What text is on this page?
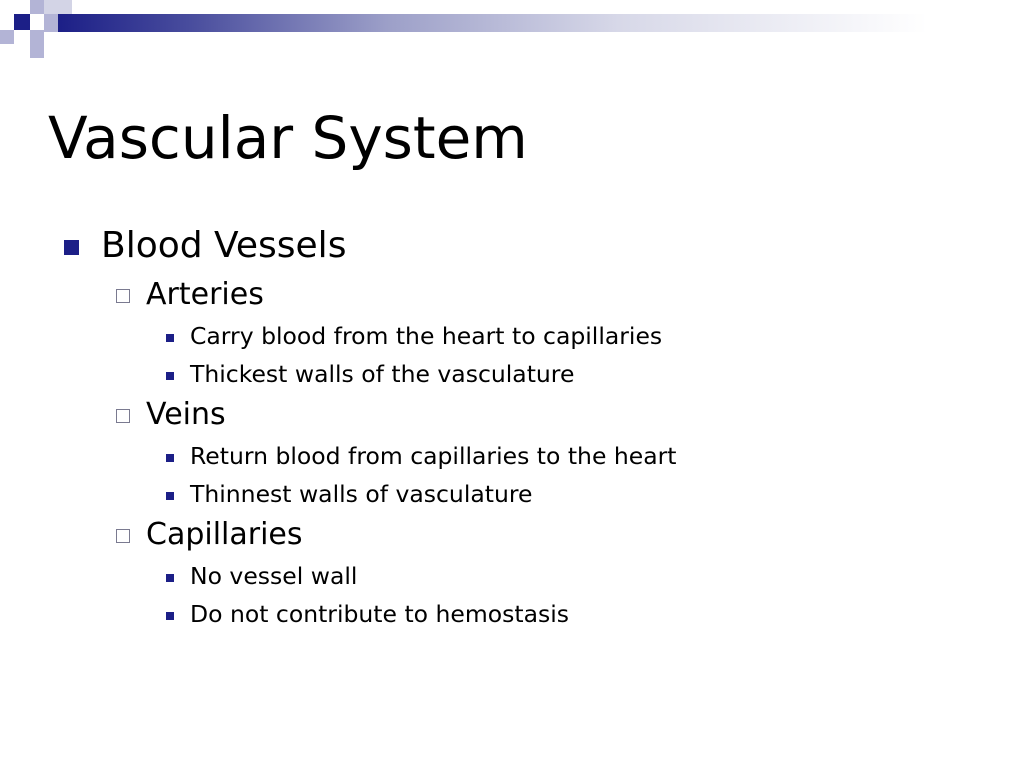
Vascular System
Blood Vessels
Arteries
Carry blood from the heart to capillaries
Thickest walls of the vasculature
Veins
Return blood from capillaries to the heart
Thinnest walls of vasculature
Capillaries
No vessel wall
Do not contribute to hemostasis
